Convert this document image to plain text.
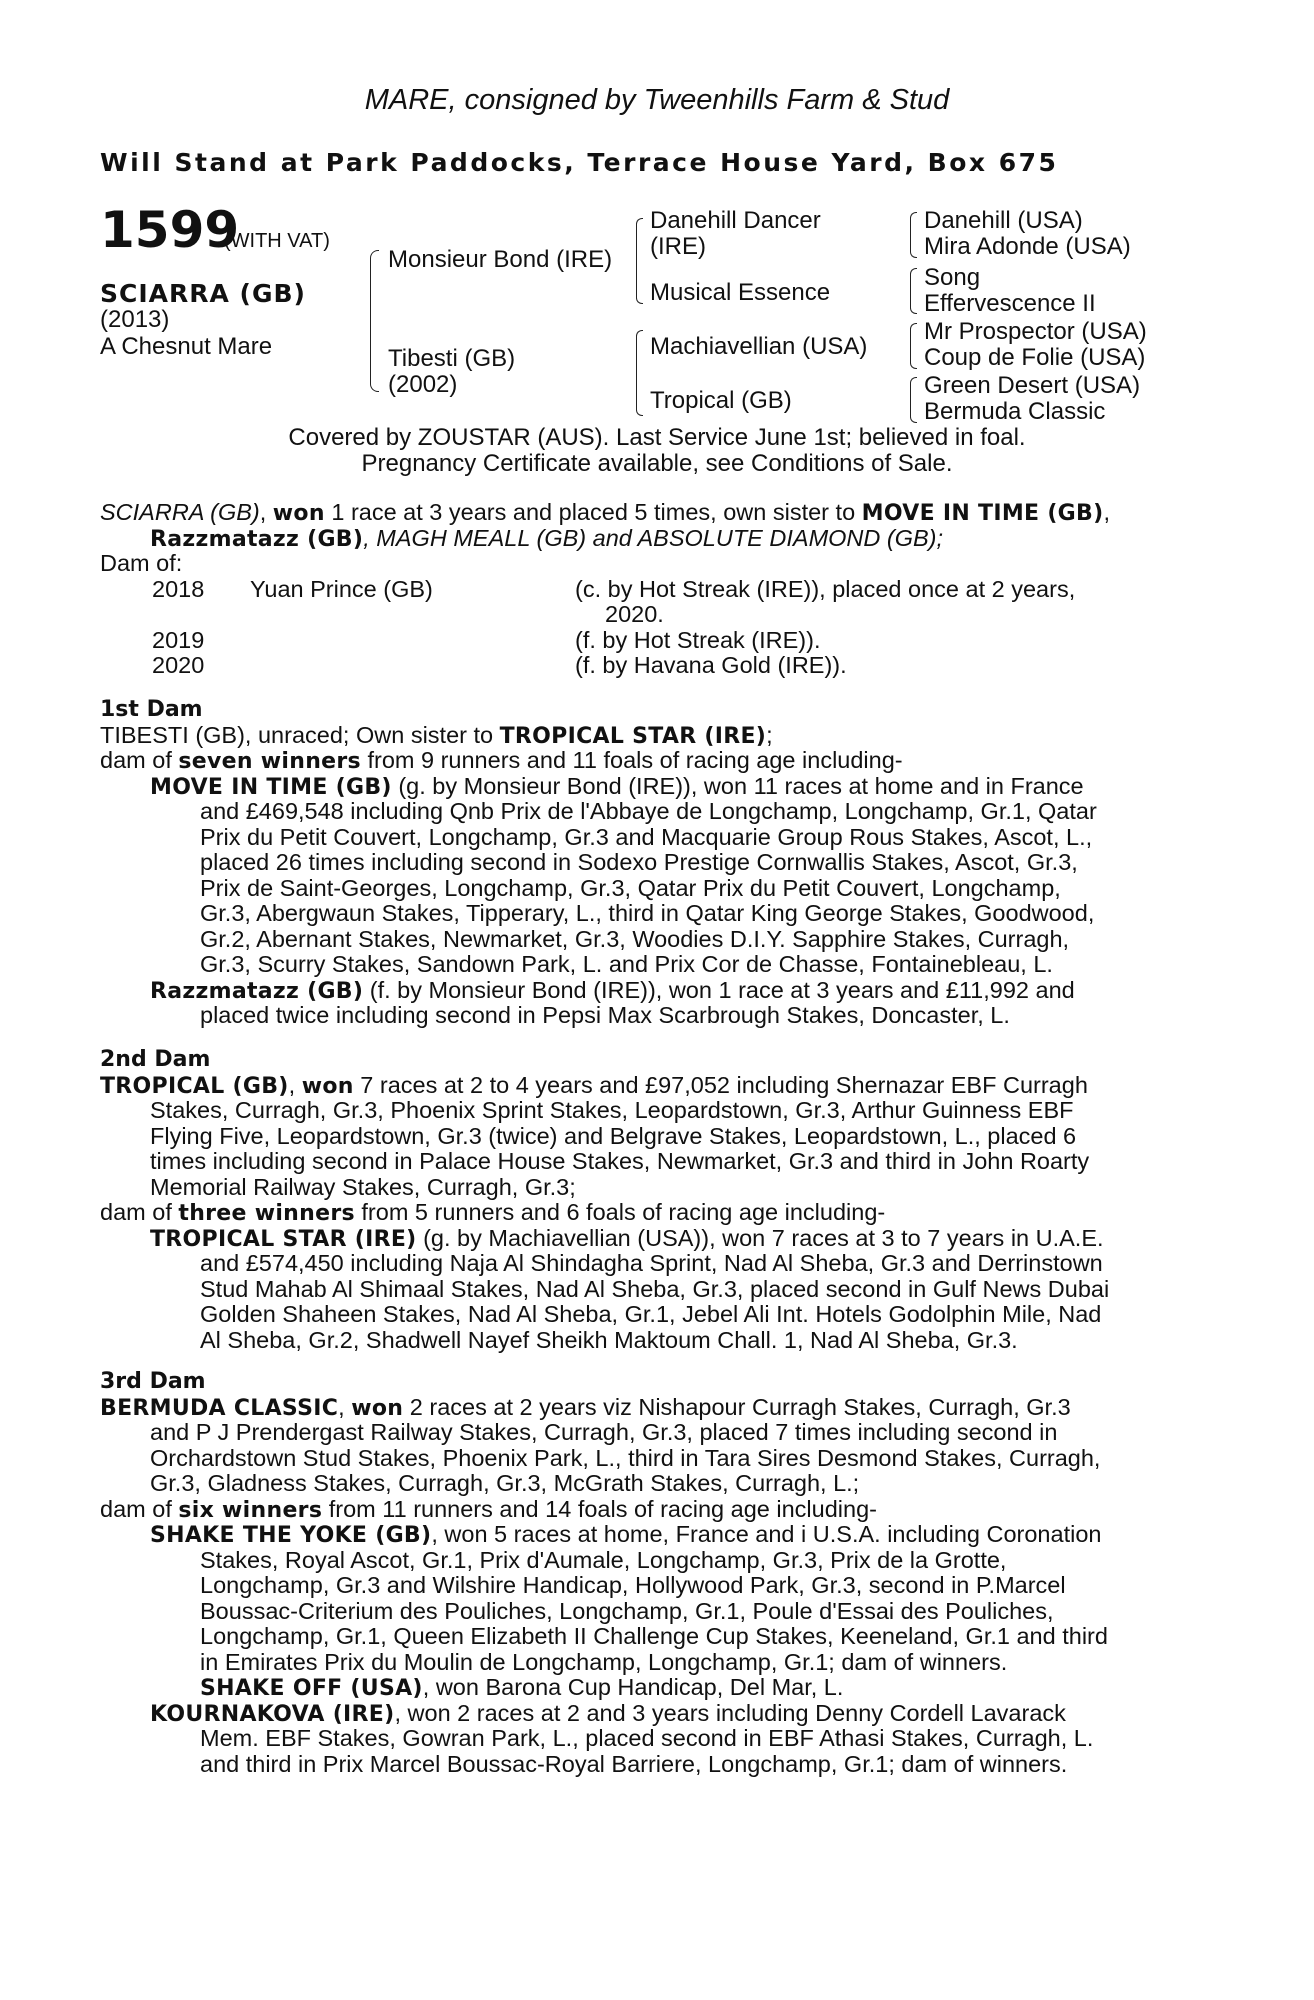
MARE, consigned by Tweenhills Farm & Stud
Will Stand at Park Paddocks, Terrace House Yard, Box 675
1599
(WITH VAT)
SCIARRA (GB)
(2013)
A Chesnut Mare
Monsieur Bond (IRE)
Tibesti (GB)
(2002)
Danehill Dancer
(IRE)
Musical Essence
Machiavellian (USA)
Tropical (GB)
Danehill (USA)
Mira Adonde (USA)
Song
Effervescence II
Mr Prospector (USA)
Coup de Folie (USA)
Green Desert (USA)
Bermuda Classic
Covered by ZOUSTAR (AUS). Last Service June 1st; believed in foal.
Pregnancy Certificate available, see Conditions of Sale.
SCIARRA (GB), won 1 race at 3 years and placed 5 times, own sister to MOVE IN TIME (GB),
Razzmatazz (GB), MAGH MEALL (GB) and ABSOLUTE DIAMOND (GB);
Dam of:
2018 Yuan Prince (GB)	(c. by Hot Streak (IRE)), placed once at 2 years,
2020.
2019	(f. by Hot Streak (IRE)).
2020	(f. by Havana Gold (IRE)).
1st Dam
TIBESTI (GB), unraced; Own sister to TROPICAL STAR (IRE);
dam of seven winners from 9 runners and 11 foals of racing age including-
MOVE IN TIME (GB) (g. by Monsieur Bond (IRE)), won 11 races at home and in France
and £469,548 including Qnb Prix de l'Abbaye de Longchamp, Longchamp, Gr.1, Qatar
Prix du Petit Couvert, Longchamp, Gr.3 and Macquarie Group Rous Stakes, Ascot, L.,
placed 26 times including second in Sodexo Prestige Cornwallis Stakes, Ascot, Gr.3,
Prix de Saint-Georges, Longchamp, Gr.3, Qatar Prix du Petit Couvert, Longchamp,
Gr.3, Abergwaun Stakes, Tipperary, L., third in Qatar King George Stakes, Goodwood,
Gr.2, Abernant Stakes, Newmarket, Gr.3, Woodies D.I.Y. Sapphire Stakes, Curragh,
Gr.3, Scurry Stakes, Sandown Park, L. and Prix Cor de Chasse, Fontainebleau, L.
Razzmatazz (GB) (f. by Monsieur Bond (IRE)), won 1 race at 3 years and £11,992 and
placed twice including second in Pepsi Max Scarbrough Stakes, Doncaster, L.
2nd Dam
TROPICAL (GB), won 7 races at 2 to 4 years and £97,052 including Shernazar EBF Curragh
Stakes, Curragh, Gr.3, Phoenix Sprint Stakes, Leopardstown, Gr.3, Arthur Guinness EBF
Flying Five, Leopardstown, Gr.3 (twice) and Belgrave Stakes, Leopardstown, L., placed 6
times including second in Palace House Stakes, Newmarket, Gr.3 and third in John Roarty
Memorial Railway Stakes, Curragh, Gr.3;
dam of three winners from 5 runners and 6 foals of racing age including-
TROPICAL STAR (IRE) (g. by Machiavellian (USA)), won 7 races at 3 to 7 years in U.A.E.
and £574,450 including Naja Al Shindagha Sprint, Nad Al Sheba, Gr.3 and Derrinstown
Stud Mahab Al Shimaal Stakes, Nad Al Sheba, Gr.3, placed second in Gulf News Dubai
Golden Shaheen Stakes, Nad Al Sheba, Gr.1, Jebel Ali Int. Hotels Godolphin Mile, Nad
Al Sheba, Gr.2, Shadwell Nayef Sheikh Maktoum Chall. 1, Nad Al Sheba, Gr.3.
3rd Dam
BERMUDA CLASSIC, won 2 races at 2 years viz Nishapour Curragh Stakes, Curragh, Gr.3
and P J Prendergast Railway Stakes, Curragh, Gr.3, placed 7 times including second in
Orchardstown Stud Stakes, Phoenix Park, L., third in Tara Sires Desmond Stakes, Curragh,
Gr.3, Gladness Stakes, Curragh, Gr.3, McGrath Stakes, Curragh, L.;
dam of six winners from 11 runners and 14 foals of racing age including-
SHAKE THE YOKE (GB), won 5 races at home, France and i U.S.A. including Coronation
Stakes, Royal Ascot, Gr.1, Prix d'Aumale, Longchamp, Gr.3, Prix de la Grotte,
Longchamp, Gr.3 and Wilshire Handicap, Hollywood Park, Gr.3, second in P.Marcel
Boussac-Criterium des Pouliches, Longchamp, Gr.1, Poule d'Essai des Pouliches,
Longchamp, Gr.1, Queen Elizabeth II Challenge Cup Stakes, Keeneland, Gr.1 and third
in Emirates Prix du Moulin de Longchamp, Longchamp, Gr.1; dam of winners.
SHAKE OFF (USA), won Barona Cup Handicap, Del Mar, L.
KOURNAKOVA (IRE), won 2 races at 2 and 3 years including Denny Cordell Lavarack
Mem. EBF Stakes, Gowran Park, L., placed second in EBF Athasi Stakes, Curragh, L.
and third in Prix Marcel Boussac-Royal Barriere, Longchamp, Gr.1; dam of winners.
